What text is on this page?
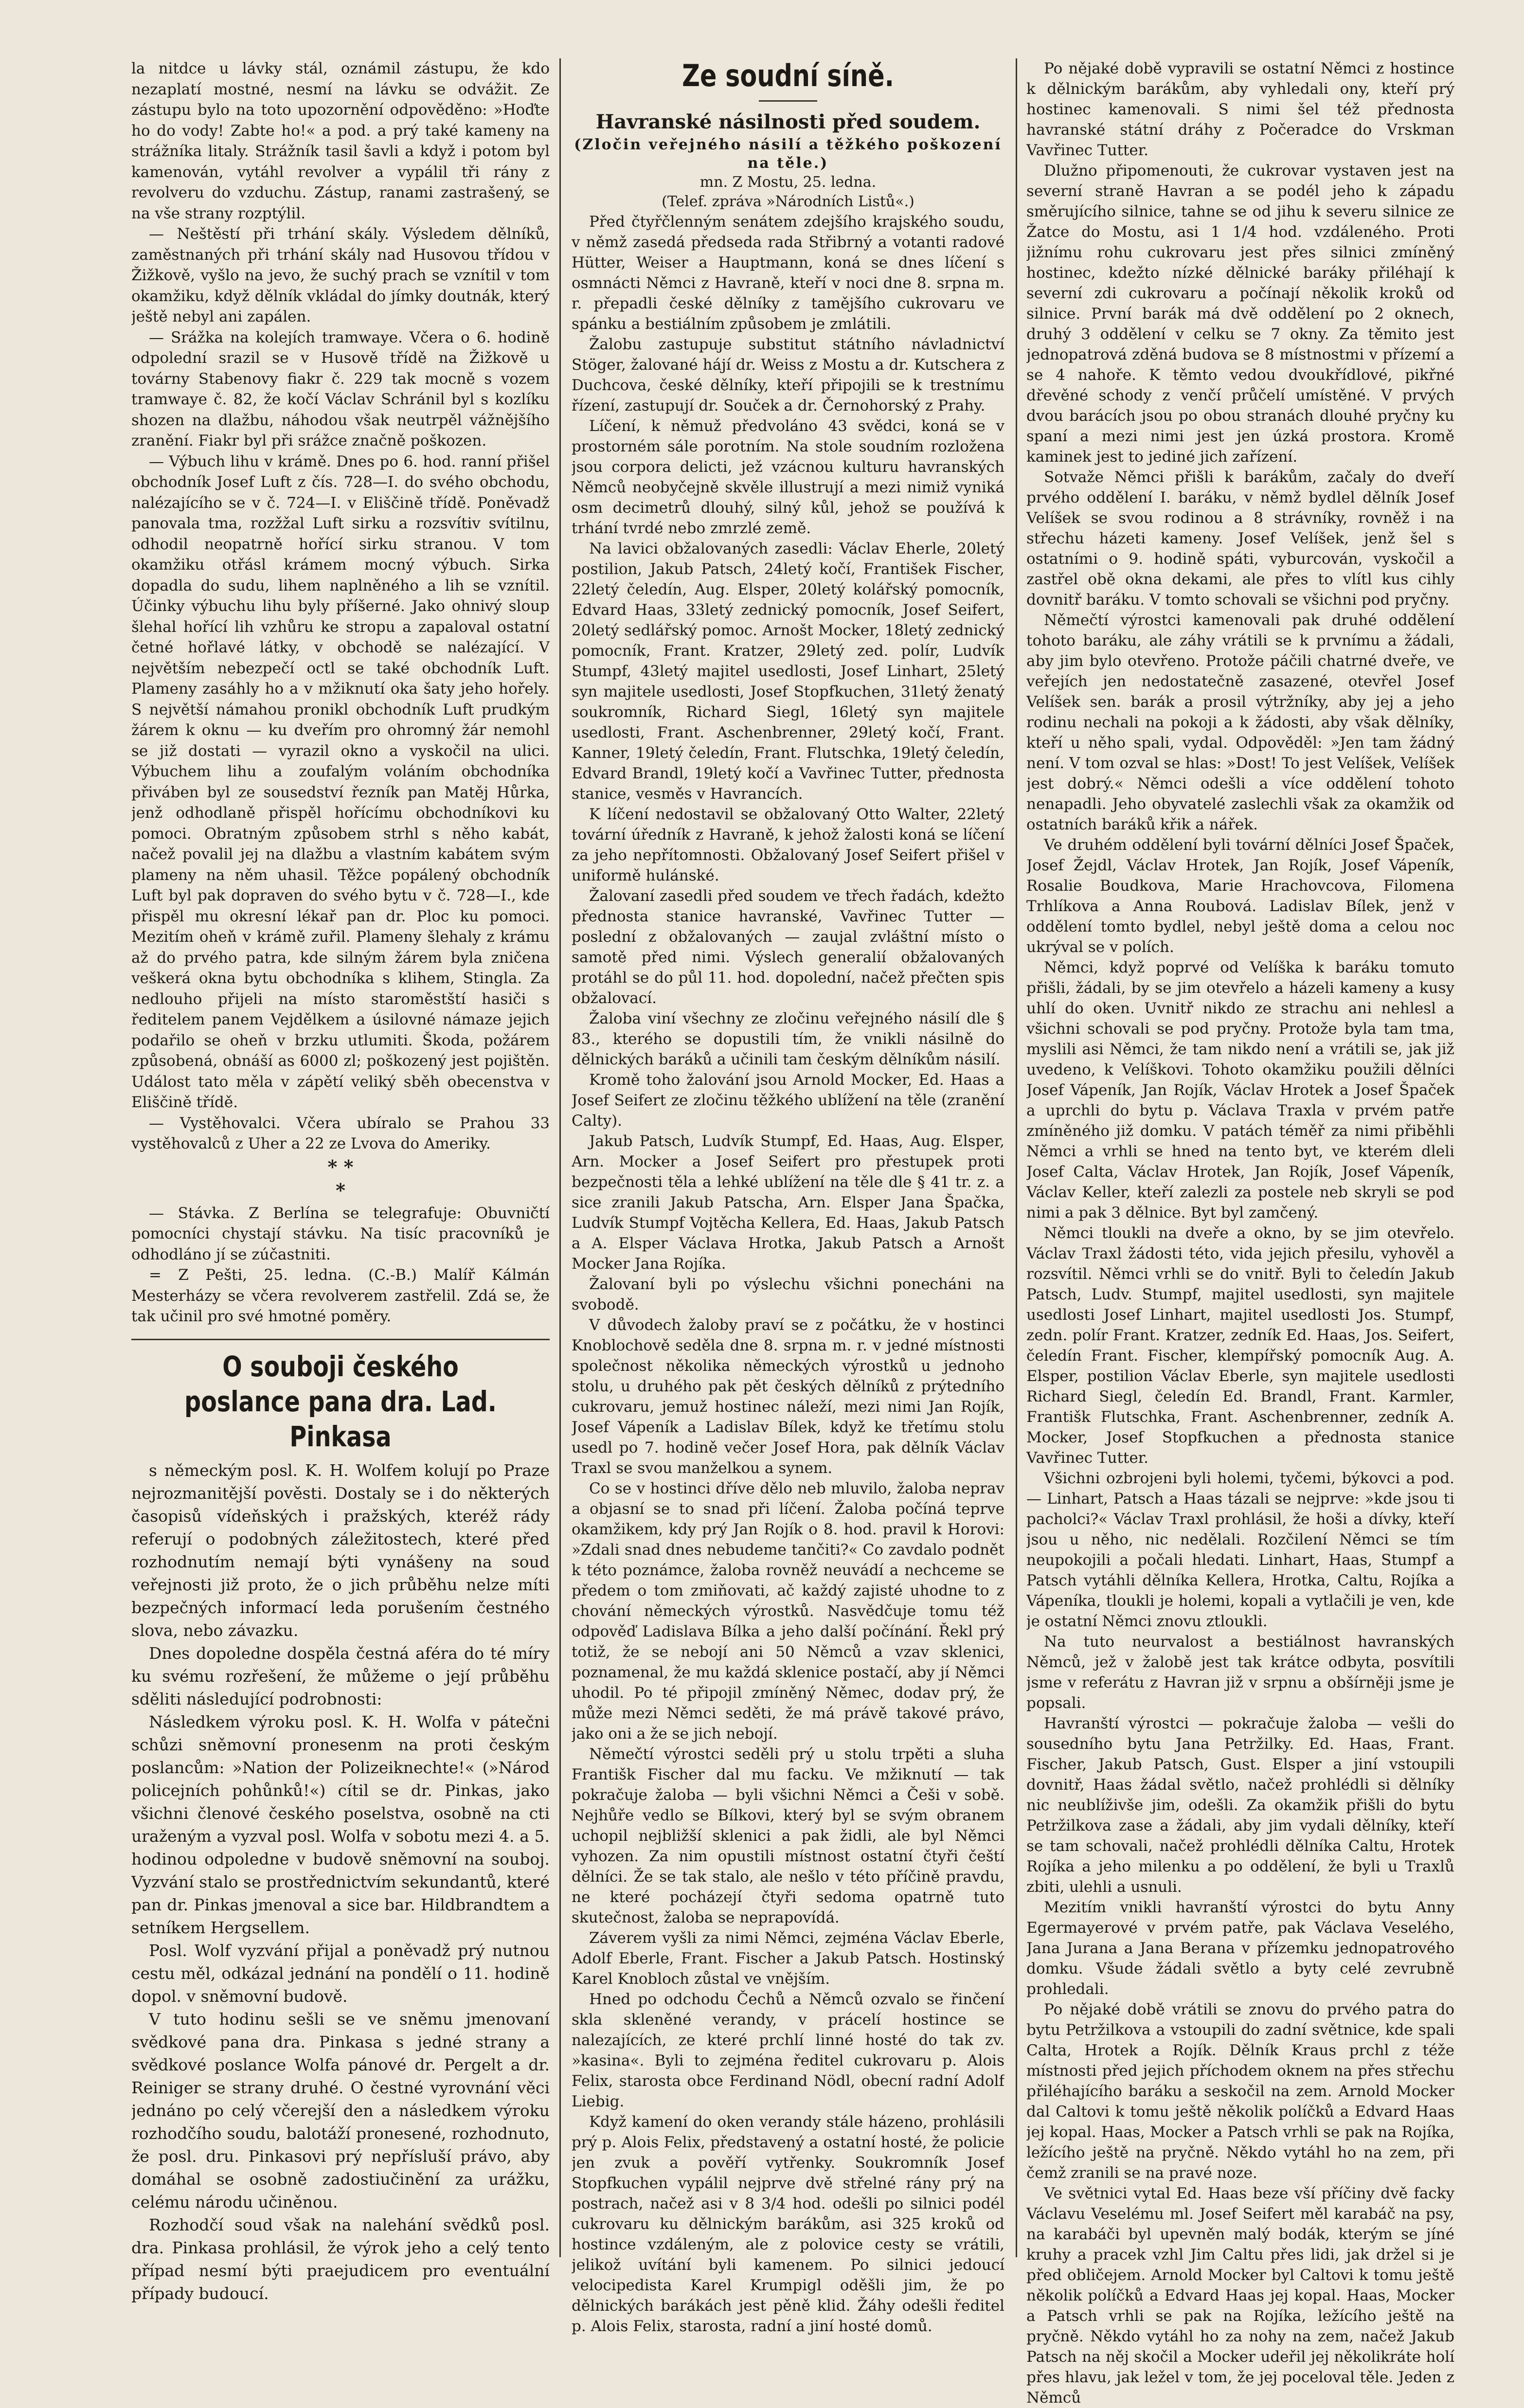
la nitdce u lávky stál, oznámil zástupu, že kdo nezaplatí mostné, nesmí na lávku se odvážit. Ze zástupu bylo na toto upozornění odpověděno: »Hoďte ho do vody! Zabte ho!« a pod. a prý také kameny na strážníka litaly. Strážník tasil šavli a když i potom byl kamenován, vytáhl revolver a vypálil tři rány z revolveru do vzduchu. Zástup, ranami zastrašený, se na vše strany rozptýlil.

— Neštěstí při trhání skály. Výsledem dělníků, zaměstnaných při trhání skály nad Husovou třídou v Žižkově, vyšlo na jevo, že suchý prach se vznítil v tom okamžiku, když dělník vkládal do jímky doutnák, který ještě nebyl ani zapálen.

— Srážka na kolejích tramwaye. Včera o 6. hodině odpolední srazil se v Husově třídě na Žižkově u továrny Stabenovy fiakr č. 229 tak mocně s vozem tramwaye č. 82, že kočí Václav Schránil byl s kozlíku shozen na dlažbu, náhodou však neutrpěl vážnějšího zranění. Fiakr byl při srážce značně poškozen.

— Výbuch lihu v krámě. Dnes po 6. hod. ranní přišel obchodník Josef Luft z čís. 728—I. do svého obchodu, nalézajícího se v č. 724—I. v Eliščině třídě. Poněvadž panovala tma, rozžžal Luft sirku a rozsvítiv svítilnu, odhodil neopatrně hořící sirku stranou. V tom okamžiku otřásl krámem mocný výbuch. Sirka dopadla do sudu, lihem naplněného a lih se vznítil. Účinky výbuchu lihu byly příšerné. Jako ohnivý sloup šlehal hořící lih vzhůru ke stropu a zapaloval ostatní četné hořlavé látky, v obchodě se nalézající. V největším nebezpečí octl se také obchodník Luft. Plameny zasáhly ho a v mžiknutí oka šaty jeho hořely. S největší námahou pronikl obchodník Luft prudkým žárem k oknu — ku dveřím pro ohromný žár nemohl se již dostati — vyrazil okno a vyskočil na ulici. Výbuchem lihu a zoufalým voláním obchodníka přiváben byl ze sousedství řezník pan Matěj Hůrka, jenž odhodlaně přispěl hořícímu obchodníkovi ku pomoci. Obratným způsobem strhl s něho kabát, načež povalil jej na dlažbu a vlastním kabátem svým plameny na něm uhasil. Těžce popálený obchodník Luft byl pak dopraven do svého bytu v č. 728—I., kde přispěl mu okresní lékař pan dr. Ploc ku pomoci. Mezitím oheň v krámě zuřil. Plameny šlehaly z krámu až do prvého patra, kde silným žárem byla zničena veškerá okna bytu obchodníka s klihem, Stingla. Za nedlouho přijeli na místo staroměstští hasiči s ředitelem panem Vejdělkem a úsilovné námaze jejich podařilo se oheň v brzku utlumiti. Škoda, požárem způsobená, obnáší as 6000 zl; poškozený jest pojištěn. Událost tato měla v zápětí veliký sběh obecenstva v Eliščině třídě.

— Vystěhovalci. Včera ubíralo se Prahou 33 vystěhovalců z Uher a 22 ze Lvova do Ameriky.

* *
*

— Stávka. Z Berlína se telegrafuje: Obuvničtí pomocníci chystají stávku. Na tisíc pracovníků je odhodláno jí se zúčastniti.

= Z Pešti, 25. ledna. (C.-B.) Malíř Kálmán Mesterházy se včera revolverem zastřelil. Zdá se, že tak učinil pro své hmotné poměry.

O souboji českého poslance pana dra. Lad. Pinkasa

s německým posl. K. H. Wolfem kolují po Praze nejrozmanitější pověsti. Dostaly se i do některých časopisů vídeňských i pražských, kteréž rády referují o podobných záležitostech, které před rozhodnutím nemají býti vynášeny na soud veřejnosti již proto, že o jich průběhu nelze míti bezpečných informací leda porušením čestného slova, nebo závazku.

Dnes dopoledne dospěla čestná aféra do té míry ku svému rozřešení, že můžeme o její průběhu sděliti následující podrobnosti:

Následkem výroku posl. K. H. Wolfa v pátečni schůzi sněmovní pronesenm na proti českým poslancům: »Nation der Polizeiknechte!« (»Národ policejních pohůnků!«) cítil se dr. Pinkas, jako všichni členové českého poselstva, osobně na cti uraženým a vyzval posl. Wolfa v sobotu mezi 4. a 5. hodinou odpoledne v budově sněmovní na souboj. Vyzvání stalo se prostřednictvím sekundantů, které pan dr. Pinkas jmenoval a sice bar. Hildbrandtem a setníkem Hergsellem.

Posl. Wolf vyzvání přijal a poněvadž prý nutnou cestu měl, odkázal jednání na pondělí o 11. hodině dopol. v sněmovní budově.

V tuto hodinu sešli se ve sněmu jmenovaní svědkové pana dra. Pinkasa s jedné strany a svědkové poslance Wolfa pánové dr. Pergelt a dr. Reiniger se strany druhé. O čestné vyrovnání věci jednáno po celý včerejší den a následkem výroku rozhodčího soudu, balotáží pronesené, rozhodnuto, že posl. dru. Pinkasovi prý nepřísluší právo, aby domáhal se osobně zadostiučinění za urážku, celému národu učiněnou.

Rozhodčí soud však na nalehání svědků posl. dra. Pinkasa prohlásil, že výrok jeho a celý tento případ nesmí býti praejudicem pro eventuální případy budoucí.

Ze soudní síně.
Havranské násilnosti před soudem.
(Zločin veřejného násilí a těžkého poškození na těle.)
mn. Z Mostu, 25. ledna.
(Telef. zpráva »Národních Listů«.)

Před čtyřčlenným senátem zdejšího krajského soudu, v němž zasedá předseda rada Střibrný a votanti radové Hütter, Weiser a Hauptmann, koná se dnes líčení s osmnácti Němci z Havraně, kteří v noci dne 8. srpna m. r. přepadli české dělníky z tamějšího cukrovaru ve spánku a bestiálním způsobem je zmlátili.

Žalobu zastupuje substitut státního návladnictví Stöger, žalované hájí dr. Weiss z Mostu a dr. Kutschera z Duchcova, české dělníky, kteří připojili se k trestnímu řízení, zastupují dr. Souček a dr. Černohorský z Prahy.

Líčení, k němuž předvoláno 43 svědci, koná se v prostorném sále porotním. Na stole soudním rozložena jsou corpora delicti, jež vzácnou kulturu havranských Němců neobyčejně skvěle illustrují a mezi nimiž vyniká osm decimetrů dlouhý, silný kůl, jehož se používá k trhání tvrdé nebo zmrzlé země.

Na lavici obžalovaných zasedli: Václav Eherle, 20letý postilion, Jakub Patsch, 24letý kočí, František Fischer, 22letý čeledín, Aug. Elsper, 20letý kolářský pomocník, Edvard Haas, 33letý zednický pomocník, Josef Seifert, 20letý sedlářský pomoc. Arnošt Mocker, 18letý zednický pomocník, Frant. Kratzer, 29letý zed. polír, Ludvík Stumpf, 43letý majitel usedlosti, Josef Linhart, 25letý syn majitele usedlosti, Josef Stopfkuchen, 31letý ženatý soukromník, Richard Siegl, 16letý syn majitele usedlosti, Frant. Aschenbrenner, 29letý kočí, Frant. Kanner, 19letý čeledín, Frant. Flutschka, 19letý čeledín, Edvard Brandl, 19letý kočí a Vavřinec Tutter, přednosta stanice, vesměs v Havrancích.

K líčení nedostavil se obžalovaný Otto Walter, 22letý tovární úředník z Havraně, k jehož žalosti koná se líčení za jeho nepřítomnosti. Obžalovaný Josef Seifert přišel v uniformě hulánské.

Žalovaní zasedli před soudem ve třech řadách, kdežto přednosta stanice havranské, Vavřinec Tutter — poslední z obžalovaných — zaujal zvláštní místo o samotě před nimi. Výslech generalií obžalovaných protáhl se do půl 11. hod. dopolední, načež přečten spis obžalovací.

Žaloba viní všechny ze zločinu veřejného násilí dle § 83., kterého se dopustili tím, že vnikli násilně do dělnických baráků a učinili tam českým dělníkům násilí.

Kromě toho žalování jsou Arnold Mocker, Ed. Haas a Josef Seifert ze zločinu těžkého ublížení na těle (zranění Calty).

Jakub Patsch, Ludvík Stumpf, Ed. Haas, Aug. Elsper, Arn. Mocker a Josef Seifert pro přestupek proti bezpečnosti těla a lehké ublížení na těle dle § 41 tr. z. a sice zranili Jakub Patscha, Arn. Elsper Jana Špačka, Ludvík Stumpf Vojtěcha Kellera, Ed. Haas, Jakub Patsch a A. Elsper Václava Hrotka, Jakub Patsch a Arnošt Mocker Jana Rojíka.

Žalovaní byli po výslechu všichni ponecháni na svobodě.

V důvodech žaloby praví se z počátku, že v hostinci Knoblochově seděla dne 8. srpna m. r. v jedné místnosti společnost několika německých výrostků u jednoho stolu, u druhého pak pět českých dělníků z prýtedního cukrovaru, jemuž hostinec náleží, mezi nimi Jan Rojík, Josef Vápeník a Ladislav Bílek, když ke třetímu stolu usedl po 7. hodině večer Josef Hora, pak dělník Václav Traxl se svou manželkou a synem.

Co se v hostinci dříve dělo neb mluvilo, žaloba neprav a objasní se to snad při líčení. Žaloba počíná teprve okamžikem, kdy prý Jan Rojík o 8. hod. pravil k Horovi: »Zdali snad dnes nebudeme tančiti?« Co zavdalo podnět k této poznámce, žaloba rovněž neuvádí a nechceme se předem o tom zmiňovati, ač každý zajisté uhodne to z chování německých výrostků. Nasvědčuje tomu též odpověď Ladislava Bílka a jeho další počínání. Řekl prý totiž, že se nebojí ani 50 Němců a vzav sklenici, poznamenal, že mu každá sklenice postačí, aby jí Němci uhodil. Po té připojil zmíněný Němec, dodav prý, že může mezi Němci seděti, že má právě takové právo, jako oni a že se jich nebojí.

Němečtí výrostci seděli prý u stolu trpěti a sluha Františk Fischer dal mu facku. Ve mžiknutí — tak pokračuje žaloba — byli všichni Němci a Češi v sobě. Nejhůře vedlo se Bílkovi, který byl se svým obranem uchopil nejbližší sklenici a pak židli, ale byl Němci vyhozen. Za nim opustili místnost ostatní čtyři čeští dělníci. Že se tak stalo, ale nešlo v této příčině pravdu, ne které pocházejí čtyři sedoma opatrně tuto skutečnost, žaloba se neprapovídá.

Záverem vyšli za nimi Němci, zejména Václav Eberle, Adolf Eberle, Frant. Fischer a Jakub Patsch. Hostinský Karel Knobloch zůstal ve vnějším.

Hned po odchodu Čechů a Němců ozvalo se řinčení skla skleněné verandy, v prácelí hostince se nalezajících, ze které prchlí linné hosté do tak zv. »kasina«. Byli to zejména ředitel cukrovaru p. Alois Felix, starosta obce Ferdinand Nödl, obecní radní Adolf Liebig.

Když kamení do oken verandy stále házeno, prohlásili prý p. Alois Felix, představený a ostatní hosté, že policie jen zvuk a pověří vytřenky. Soukromník Josef Stopfkuchen vypálil nejprve dvě střelné rány prý na postrach, načež asi v 8 3/4 hod. odešli po silnici podél cukrovaru ku dělnickým barákům, asi 325 kroků od hostince vzdáleným, ale z polovice cesty se vrátili, jelikož uvítání byli kamenem. Po silnici jedoucí velocipedista Karel Krumpigl oděšli jim, že po dělnických barákách jest pěně klid. Žáhy odešli ředitel p. Alois Felix, starosta, radní a jiní hosté domů.

Po nějaké době vypravili se ostatní Němci z hostince k dělnickým barákům, aby vyhledali ony, kteří prý hostinec kamenovali. S nimi šel též přednosta havranské státní dráhy z Počeradce do Vrskman Vavřinec Tutter.

Dlužno připomenouti, že cukrovar vystaven jest na severní straně Havran a se podél jeho k západu směrujícího silnice, tahne se od jihu k severu silnice ze Žatce do Mostu, asi 1 1/4 hod. vzdáleného. Proti jižnímu rohu cukrovaru jest přes silnici zmíněný hostinec, kdežto nízké dělnické baráky přiléhají k severní zdi cukrovaru a počínají několik kroků od silnice. První barák má dvě oddělení po 2 oknech, druhý 3 oddělení v celku se 7 okny. Za těmito jest jednopatrová zděná budova se 8 místnostmi v přízemí a se 4 nahoře. K těmto vedou dvoukřídlové, pikřné dřevěné schody z venčí průčelí umístěné. V prvých dvou barácích jsou po obou stranách dlouhé pryčny ku spaní a mezi nimi jest jen úzká prostora. Kromě kaminek jest to jediné jich zařízení.

Sotvaže Němci přišli k barákům, začaly do dveří prvého oddělení I. baráku, v němž bydlel dělník Josef Velíšek se svou rodinou a 8 strávníky, rovněž i na střechu házeti kameny. Josef Velíšek, jenž šel s ostatními o 9. hodině spáti, vyburcován, vyskočil a zastřel obě okna dekami, ale přes to vlítl kus cihly dovnitř baráku. V tomto schovali se všichni pod pryčny.

Němečtí výrostci kamenovali pak druhé oddělení tohoto baráku, ale záhy vrátili se k prvnímu a žádali, aby jim bylo otevřeno. Protože páčili chatrné dveře, ve veřejích jen nedostatečně zasazené, otevřel Josef Velíšek sen. barák a prosil výtržníky, aby jej a jeho rodinu nechali na pokoji a k žádosti, aby však dělníky, kteří u něho spali, vydal. Odpověděl: »Jen tam žádný není. V tom ozval se hlas: »Dost! To jest Velíšek, Velíšek jest dobrý.« Němci odešli a více oddělení tohoto nenapadli. Jeho obyvatelé zaslechli však za okamžik od ostatních baráků křik a nářek.

Ve druhém oddělení byli tovární dělníci Josef Špaček, Josef Žejdl, Václav Hrotek, Jan Rojík, Josef Vápeník, Rosalie Boudkova, Marie Hrachovcova, Filomena Trhlíkova a Anna Roubová. Ladislav Bílek, jenž v oddělení tomto bydlel, nebyl ještě doma a celou noc ukrýval se v polích.

Němci, když poprvé od Velíška k baráku tomuto přišli, žádali, by se jim otevřelo a házeli kameny a kusy uhlí do oken. Uvnitř nikdo ze strachu ani nehlesl a všichni schovali se pod pryčny. Protože byla tam tma, myslili asi Němci, že tam nikdo není a vrátili se, jak již uvedeno, k Velíškovi. Tohoto okamžiku použili dělníci Josef Vápeník, Jan Rojík, Václav Hrotek a Josef Špaček a uprchli do bytu p. Václava Traxla v prvém patře zmíněného již domku. V patách téměř za nimi přiběhli Němci a vrhli se hned na tento byt, ve kterém dleli Josef Calta, Václav Hrotek, Jan Rojík, Josef Vápeník, Václav Keller, kteří zalezli za postele neb skryli se pod nimi a pak 3 dělnice. Byt byl zamčený.

Němci tloukli na dveře a okno, by se jim otevřelo. Václav Traxl žádosti této, vida jejich přesilu, vyhověl a rozsvítil. Němci vrhli se do vnitř. Byli to čeledín Jakub Patsch, Ludv. Stumpf, majitel usedlosti, syn majitele usedlosti Josef Linhart, majitel usedlosti Jos. Stumpf, zedn. polír Frant. Kratzer, zedník Ed. Haas, Jos. Seifert, čeledín Frant. Fischer, klempířský pomocník Aug. A. Elsper, postilion Václav Eberle, syn majitele usedlosti Richard Siegl, čeledín Ed. Brandl, Frant. Karmler, Františk Flutschka, Frant. Aschenbrenner, zedník A. Mocker, Josef Stopfkuchen a přednosta stanice Vavřinec Tutter.

Všichni ozbrojeni byli holemi, tyčemi, býkovci a pod. — Linhart, Patsch a Haas tázali se nejprve: »kde jsou ti pacholci?« Václav Traxl prohlásil, že hoši a dívky, kteří jsou u něho, nic nedělali. Rozčilení Němci se tím neupokojili a počali hledati. Linhart, Haas, Stumpf a Patsch vytáhli dělníka Kellera, Hrotka, Caltu, Rojíka a Vápeníka, tloukli je holemi, kopali a vytlačili je ven, kde je ostatní Němci znovu ztloukli.

Na tuto neurvalost a bestiálnost havranských Němců, jež v žalobě jest tak krátce odbyta, posvítili jsme v referátu z Havran již v srpnu a obšírněji jsme je popsali.

Havranští výrostci — pokračuje žaloba — vešli do sousedního bytu Jana Petržilky. Ed. Haas, Frant. Fischer, Jakub Patsch, Gust. Elsper a jiní vstoupili dovnitř, Haas žádal světlo, načež prohlédli si dělníky nic neublíživše jim, odešli. Za okamžik přišli do bytu Petržilkova zase a žádali, aby jim vydali dělníky, kteří se tam schovali, načež prohlédli dělníka Caltu, Hrotek Rojíka a jeho milenku a po oddělení, že byli u Traxlů zbiti, ulehli a usnuli.

Mezitím vnikli havranští výrostci do bytu Anny Egermayerové v prvém patře, pak Václava Veselého, Jana Jurana a Jana Berana v přízemku jednopatrového domku. Všude žádali světlo a byty celé zevrubně prohledali.

Po nějaké době vrátili se znovu do prvého patra do bytu Petržilkova a vstoupili do zadní světnice, kde spali Calta, Hrotek a Rojík. Dělník Kraus prchl z téže místnosti před jejich příchodem oknem na přes střechu přiléhajícího baráku a seskočil na zem. Arnold Mocker dal Caltovi k tomu ještě několik políčků a Edvard Haas jej kopal. Haas, Mocker a Patsch vrhli se pak na Rojíka, ležícího ještě na pryčně. Někdo vytáhl ho na zem, při čemž zranili se na pravé noze.

Ve světnici vytal Ed. Haas beze vší příčiny dvě facky Václavu Veselému ml. Josef Seifert měl karabáč na psy, na karabáči byl upevněn malý bodák, kterým se jíné kruhy a pracek vzhl Jim Caltu přes lidi, jak držel si je před obličejem. Arnold Mocker byl Caltovi k tomu ještě několik políčků a Edvard Haas jej kopal. Haas, Mocker a Patsch vrhli se pak na Rojíka, ležícího ještě na pryčně. Někdo vytáhl ho za nohy na zem, načež Jakub Patsch na něj skočil a Mocker udeřil jej několikráte holí přes hlavu, jak ležel v tom, že jej poceloval těle. Jeden z Němců
